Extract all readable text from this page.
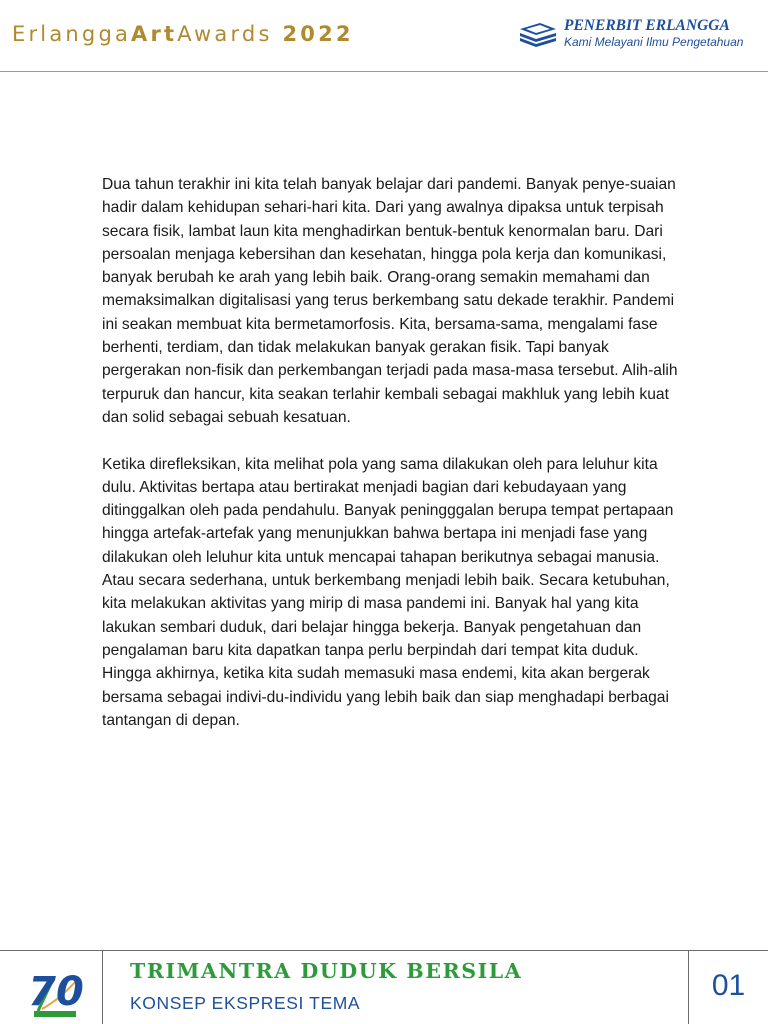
ErlanggaArtAwards 2022	PENERBIT ERLANGGA
Kami Melayani Ilmu Pengetahuan

Dua tahun terakhir ini kita telah banyak belajar dari pandemi. Banyak penye-suaian hadir dalam kehidupan sehari-hari kita. Dari yang awalnya dipaksa untuk terpisah secara fisik, lambat laun kita menghadirkan bentuk-bentuk kenormalan baru. Dari persoalan menjaga kebersihan dan kesehatan, hingga pola kerja dan komunikasi, banyak berubah ke arah yang lebih baik. Orang-orang semakin memahami dan memaksimalkan digitalisasi yang terus berkembang satu dekade terakhir. Pandemi ini seakan membuat kita bermetamorfosis. Kita, bersama-sama, mengalami fase berhenti, terdiam, dan tidak melakukan banyak gerakan fisik. Tapi banyak pergerakan non-fisik dan perkembangan terjadi pada masa-masa tersebut. Alih-alih terpuruk dan hancur, kita seakan terlahir kembali sebagai makhluk yang lebih kuat dan solid sebagai sebuah kesatuan.

Ketika direfleksikan, kita melihat pola yang sama dilakukan oleh para leluhur kita dulu. Aktivitas bertapa atau bertirakat menjadi bagian dari kebudayaan yang ditinggalkan oleh pada pendahulu. Banyak peningggalan berupa tempat pertapaan hingga artefak-artefak yang menunjukkan bahwa bertapa ini menjadi fase yang dilakukan oleh leluhur kita untuk mencapai tahapan berikutnya sebagai manusia. Atau secara sederhana, untuk berkembang menjadi lebih baik. Secara ketubuhan, kita melakukan aktivitas yang mirip di masa pandemi ini. Banyak hal yang kita lakukan sembari duduk, dari belajar hingga bekerja. Banyak pengetahuan dan pengalaman baru kita dapatkan tanpa perlu berpindah dari tempat kita duduk. Hingga akhirnya, ketika kita sudah memasuki masa endemi, kita akan bergerak bersama sebagai indivi-du-individu yang lebih baik dan siap menghadapi berbagai tantangan di depan.

70 TRIMANTRA DUDUK BERSILA
KONSEP EKSPRESI TEMA
01
